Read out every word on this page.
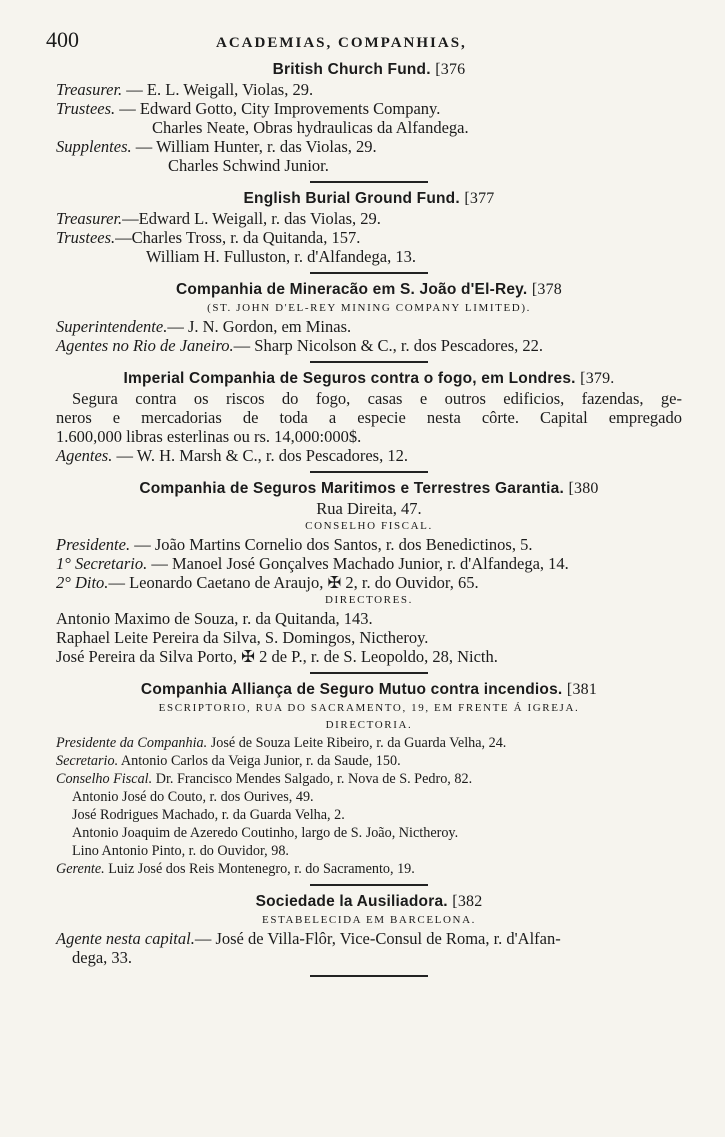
400	ACADEMIAS, COMPANHIAS,
British Church Fund. [376
Treasurer. — E. L. Weigall, Violas, 29.
Trustees. — Edward Gotto, City Improvements Company.
Charles Neate, Obras hydraulicas da Alfandega.
Supplentes. — William Hunter, r. das Violas, 29.
Charles Schwind Junior.
English Burial Ground Fund. [377
Treasurer.—Edward L. Weigall, r. das Violas, 29.
Trustees.—Charles Tross, r. da Quitanda, 157.
William H. Fulluston, r. d'Alfandega, 13.
Companhia de Mineracão em S. João d'El-Rey. [378
(ST. JOHN D'EL-REY MINING COMPANY LIMITED).
Superintendente.— J. N. Gordon, em Minas.
Agentes no Rio de Janeiro.— Sharp Nicolson & C., r. dos Pescadores, 22.
Imperial Companhia de Seguros contra o fogo, em Londres. [379.
Segura contra os riscos do fogo, casas e outros edificios, fazendas, ge-
neros e mercadorias de toda a especie nesta côrte. Capital empregado
1.600,000 libras esterlinas ou rs. 14,000:000$.
Agentes. — W. H. Marsh & C., r. dos Pescadores, 12.
Companhia de Seguros Maritimos e Terrestres Garantia. [380
Rua Direita, 47.
CONSELHO FISCAL.
Presidente. — João Martins Cornelio dos Santos, r. dos Benedictinos, 5.
1° Secretario. — Manoel José Gonçalves Machado Junior, r. d'Alfandega, 14.
2° Dito.— Leonardo Caetano de Araujo, ✠ 2, r. do Ouvidor, 65.
DIRECTORES.
Antonio Maximo de Souza, r. da Quitanda, 143.
Raphael Leite Pereira da Silva, S. Domingos, Nictheroy.
José Pereira da Silva Porto, ✠ 2 de P., r. de S. Leopoldo, 28, Nicth.
Companhia Alliança de Seguro Mutuo contra incendios. [381
ESCRIPTORIO, RUA DO SACRAMENTO, 19, EM FRENTE Á IGREJA.
DIRECTORIA.
Presidente da Companhia. José de Souza Leite Ribeiro, r. da Guarda Velha, 24.
Secretario. Antonio Carlos da Veiga Junior, r. da Saude, 150.
Conselho Fiscal. Dr. Francisco Mendes Salgado, r. Nova de S. Pedro, 82.
Antonio José do Couto, r. dos Ourives, 49.
José Rodrigues Machado, r. da Guarda Velha, 2.
Antonio Joaquim de Azeredo Coutinho, largo de S. João, Nictheroy.
Lino Antonio Pinto, r. do Ouvidor, 98.
Gerente. Luiz José dos Reis Montenegro, r. do Sacramento, 19.
Sociedade la Ausiliadora. [382
ESTABELECIDA EM BARCELONA.
Agente nesta capital.— José de Villa-Flôr, Vice-Consul de Roma, r. d'Alfan-
dega, 33.
